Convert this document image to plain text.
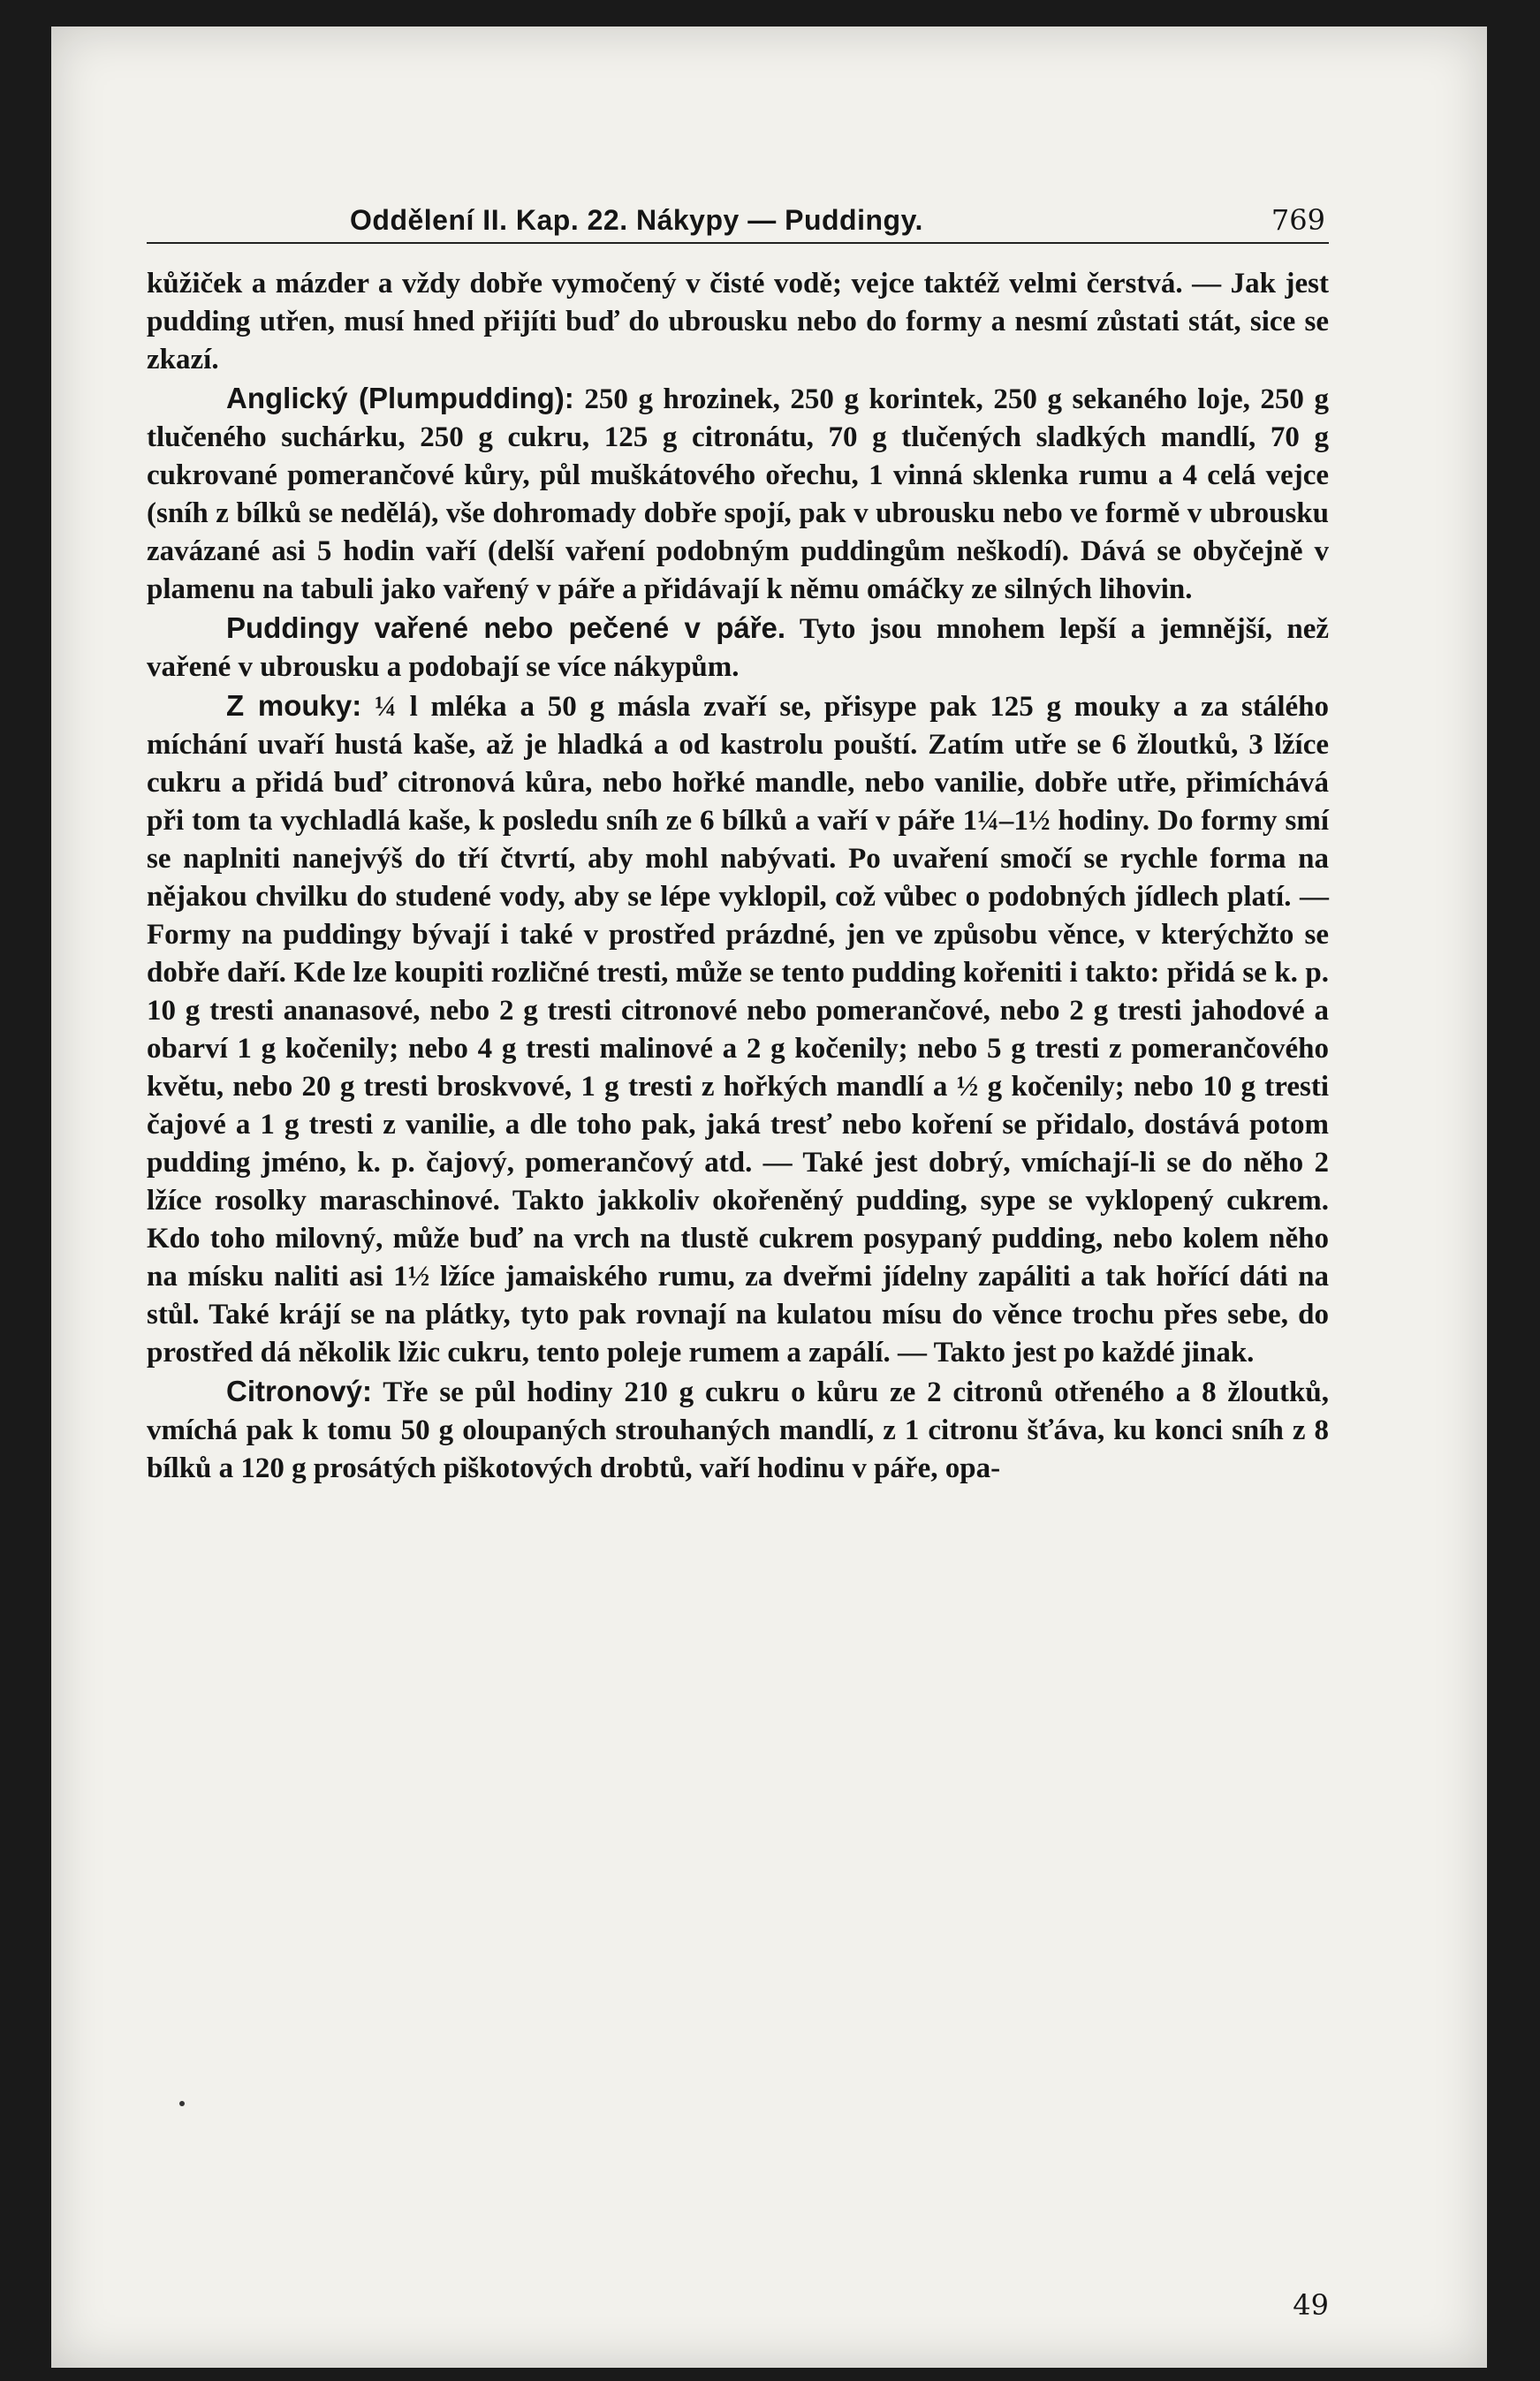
Oddělení II. Kap. 22. Nákypy — Puddingy.	769

kůžiček a mázder a vždy dobře vymočený v čisté vodě; vejce taktéž velmi čerstvá. — Jak jest pudding utřen, musí hned přijíti buď do ubrousku nebo do formy a nesmí zůstati stát, sice se zkazí.

Anglický (Plumpudding): 250 g hrozinek, 250 g korintek, 250 g sekaného loje, 250 g tlučeného suchárku, 250 g cukru, 125 g citronátu, 70 g tlučených sladkých mandlí, 70 g cukrované pomerančové kůry, půl muškátového ořechu, 1 vinná sklenka rumu a 4 celá vejce (sníh z bílků se nedělá), vše dohromady dobře spojí, pak v ubrousku nebo ve formě v ubrousku zavázané asi 5 hodin vaří (delší vaření podobným puddingům neškodí). Dává se obyčejně v plamenu na tabuli jako vařený v páře a přidávají k němu omáčky ze silných lihovin.

Puddingy vařené nebo pečené v páře. Tyto jsou mnohem lepší a jemnější, než vařené v ubrousku a podobají se více nákypům.

Z mouky: ¼ l mléka a 50 g másla zvaří se, přisype pak 125 g mouky a za stálého míchání uvaří hustá kaše, až je hladká a od kastrolu pouští. Zatím utře se 6 žloutků, 3 lžíce cukru a přidá buď citronová kůra, nebo hořké mandle, nebo vanilie, dobře utře, přimíchává při tom ta vychladlá kaše, k posledu sníh ze 6 bílků a vaří v páře 1¼–1½ hodiny. Do formy smí se naplniti nanejvýš do tří čtvrtí, aby mohl nabývati. Po uvaření smočí se rychle forma na nějakou chvilku do studené vody, aby se lépe vyklopil, což vůbec o podobných jídlech platí. — Formy na puddingy bývají i také v prostřed prázdné, jen ve způsobu věnce, v kterýchžto se dobře daří. Kde lze koupiti rozličné tresti, může se tento pudding kořeniti i takto: přidá se k. p. 10 g tresti ananasové, nebo 2 g tresti citronové nebo pomerančové, nebo 2 g tresti jahodové a obarví 1 g kočenily; nebo 4 g tresti malinové a 2 g kočenily; nebo 5 g tresti z pomerančového květu, nebo 20 g tresti broskvové, 1 g tresti z hořkých mandlí a ½ g kočenily; nebo 10 g tresti čajové a 1 g tresti z vanilie, a dle toho pak, jaká tresť nebo koření se přidalo, dostává potom pudding jméno, k. p. čajový, pomerančový atd. — Také jest dobrý, vmíchají-li se do něho 2 lžíce rosolky maraschinové. Takto jakkoliv okořeněný pudding, sype se vyklopený cukrem. Kdo toho milovný, může buď na vrch na tlustě cukrem posypaný pudding, nebo kolem něho na mísku naliti asi 1½ lžíce jamaiského rumu, za dveřmi jídelny zapáliti a tak hořící dáti na stůl. Také krájí se na plátky, tyto pak rovnají na kulatou mísu do věnce trochu přes sebe, do prostřed dá několik lžic cukru, tento poleje rumem a zapálí. — Takto jest po každé jinak.

Citronový: Tře se půl hodiny 210 g cukru o kůru ze 2 citronů otřeného a 8 žloutků, vmíchá pak k tomu 50 g oloupaných strouhaných mandlí, z 1 citronu šťáva, ku konci sníh z 8 bílků a 120 g prosátých piškotových drobtů, vaří hodinu v páře, opa-

49
